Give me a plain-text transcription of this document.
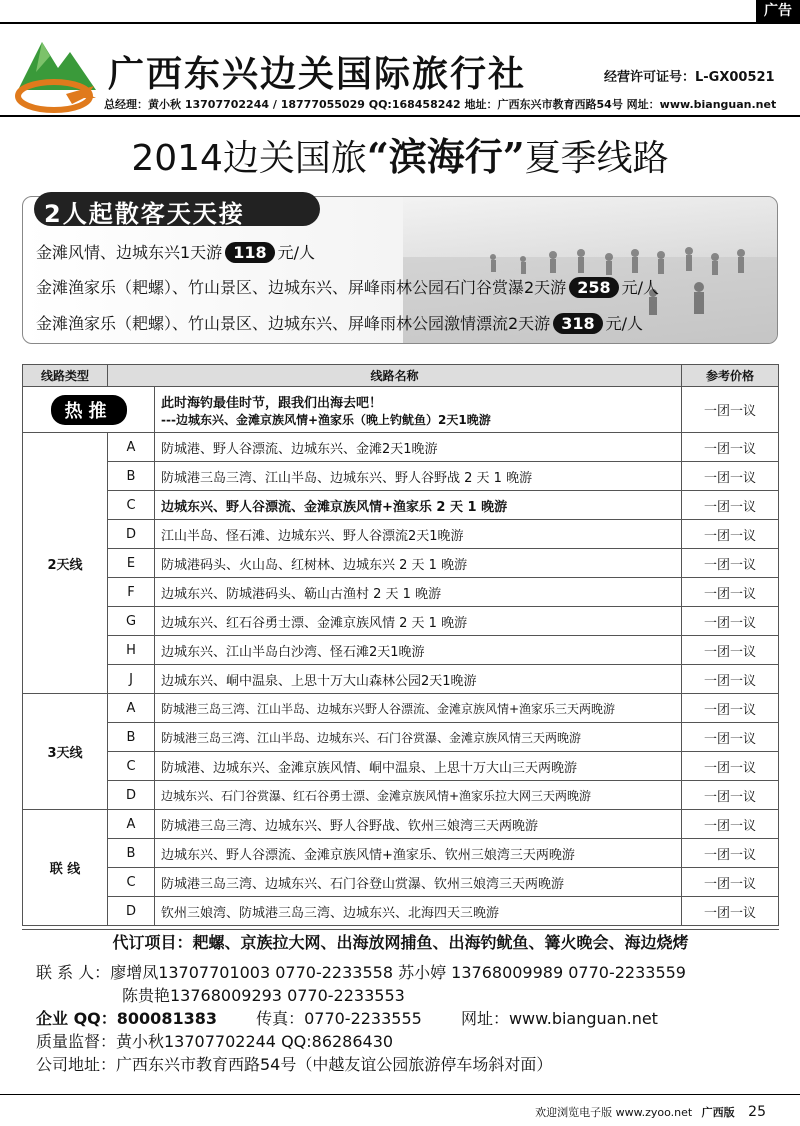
广告
广西东兴边关国际旅行社	经营许可证号：L-GX00521
总经理：黄小秋 13707702244 / 18777055029 QQ:168458242 地址：广西东兴市教育西路54号 网址：www.bianguan.net
2014边关国旅“滨海行”夏季线路
2人起散客天天接
金滩风情、边城东兴1天游 118 元/人
金滩渔家乐（耙螺）、竹山景区、边城东兴、屏峰雨林公园石门谷赏瀑2天游 258 元/人
金滩渔家乐（耙螺）、竹山景区、边城东兴、屏峰雨林公园激情漂流2天游 318 元/人
线路类型	线路名称		参考价格
热推		此时海钓最佳时节，跟我们出海去吧！
---边城东兴、金滩京族风情+渔家乐（晚上钓鱿鱼）2天1晚游	一团一议
2天线	A	防城港、野人谷漂流、边城东兴、金滩2天1晚游	一团一议
	B	防城港三岛三湾、江山半岛、边城东兴、野人谷野战 2 天 1 晚游	一团一议
	C	边城东兴、野人谷漂流、金滩京族风情+渔家乐 2 天 1 晚游	一团一议
	D	江山半岛、怪石滩、边城东兴、野人谷漂流2天1晚游	一团一议
	E	防城港码头、火山岛、红树林、边城东兴 2 天 1 晚游	一团一议
	F	边城东兴、防城港码头、簕山古渔村 2 天 1 晚游	一团一议
	G	边城东兴、红石谷勇士漂、金滩京族风情 2 天 1 晚游	一团一议
	H	边城东兴、江山半岛白沙湾、怪石滩2天1晚游	一团一议
	J	边城东兴、峒中温泉、上思十万大山森林公园2天1晚游	一团一议
3天线	A	防城港三岛三湾、江山半岛、边城东兴野人谷漂流、金滩京族风情+渔家乐三天两晚游	一团一议
	B	防城港三岛三湾、江山半岛、边城东兴、石门谷赏瀑、金滩京族风情三天两晚游	一团一议
	C	防城港、边城东兴、金滩京族风情、峒中温泉、上思十万大山三天两晚游	一团一议
	D	边城东兴、石门谷赏瀑、红石谷勇士漂、金滩京族风情+渔家乐拉大网三天两晚游	一团一议
联 线	A	防城港三岛三湾、边城东兴、野人谷野战、钦州三娘湾三天两晚游	一团一议
	B	边城东兴、野人谷漂流、金滩京族风情+渔家乐、钦州三娘湾三天两晚游	一团一议
	C	防城港三岛三湾、边城东兴、石门谷登山赏瀑、钦州三娘湾三天两晚游	一团一议
	D	钦州三娘湾、防城港三岛三湾、边城东兴、北海四天三晚游	一团一议
代订项目：耙螺、京族拉大网、出海放网捕鱼、出海钓鱿鱼、篝火晚会、海边烧烤
联 系 人：廖增凤13707701003 0770-2233558 苏小婷 13768009989 0770-2233559
陈贵艳13768009293 0770-2233553
企业 QQ：800081383 传真：0770-2233555 网址：www.bianguan.net
质量监督：黄小秋13707702244 QQ:86286430
公司地址：广西东兴市教育西路54号（中越友谊公园旅游停车场斜对面）
欢迎浏览电子版 www.zyoo.net 广西版 25
